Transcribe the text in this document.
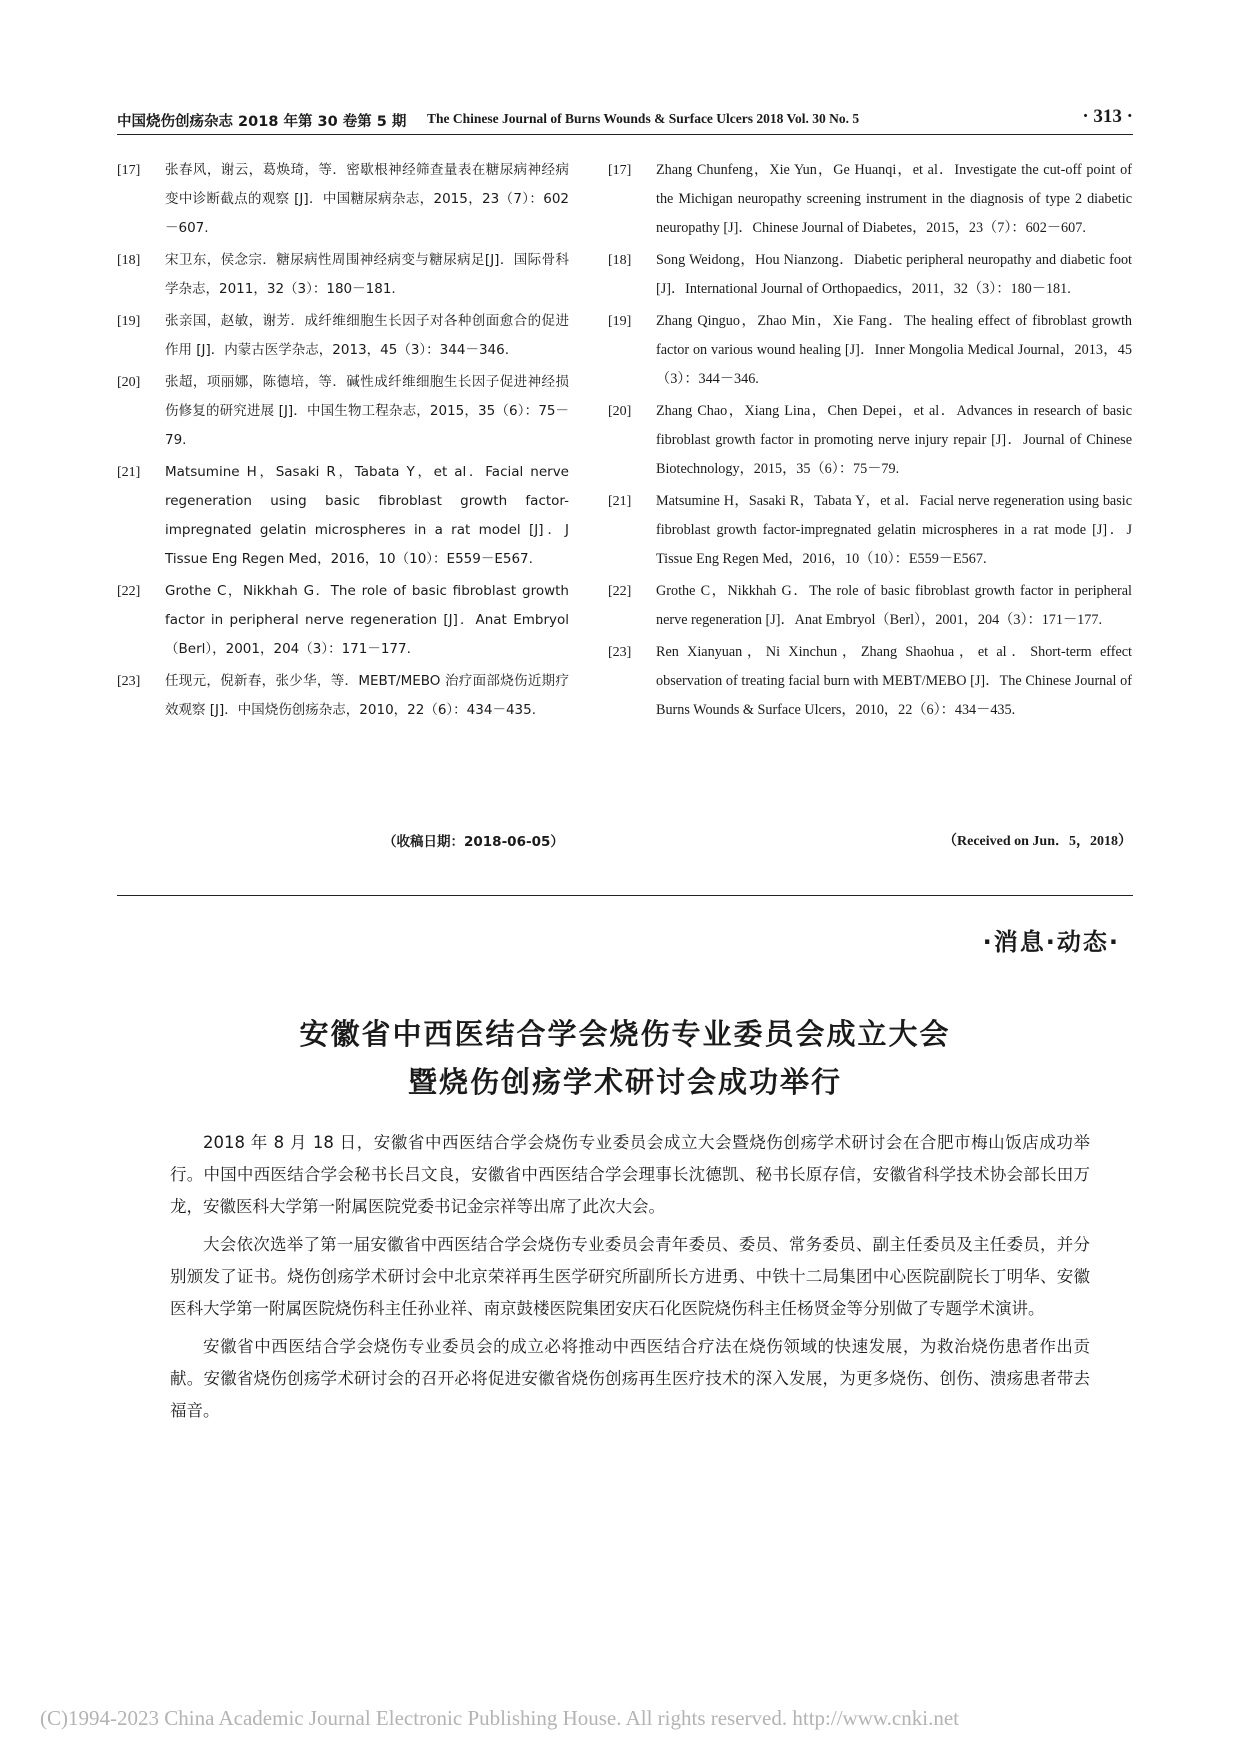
中国烧伤创疡杂志 2018 年第 30 卷第 5 期 The Chinese Journal of Burns Wounds & Surface Ulcers 2018 Vol. 30 No. 5	· 313 ·
[17]	张春风，谢云，葛焕琦，等．密歇根神经筛查量表在糖尿病神经病变中诊断截点的观察 [J]．中国糖尿病杂志，2015，23（7）：602－607.
[18]	宋卫东，侯念宗．糖尿病性周围神经病变与糖尿病足[J]．国际骨科学杂志，2011，32（3）：180－181.
[19]	张亲国，赵敏，谢芳．成纤维细胞生长因子对各种创面愈合的促进作用 [J]．内蒙古医学杂志，2013，45（3）：344－346.
[20]	张超，项丽娜，陈德培，等．碱性成纤维细胞生长因子促进神经损伤修复的研究进展 [J]．中国生物工程杂志，2015，35（6）：75－79.
[21]	Matsumine H，Sasaki R，Tabata Y，et al．Facial nerve regeneration using basic fibroblast growth factor-impregnated gelatin microspheres in a rat model [J]．J Tissue Eng Regen Med，2016，10（10）：E559－E567.
[22]	Grothe C，Nikkhah G．The role of basic fibroblast growth factor in peripheral nerve regeneration [J]．Anat Embryol（Berl），2001，204（3）：171－177.
[23]	任现元，倪新春，张少华，等．MEBT/MEBO 治疗面部烧伤近期疗效观察 [J]．中国烧伤创疡杂志，2010，22（6）：434－435.
[17]	Zhang Chunfeng，Xie Yun，Ge Huanqi，et al．Investigate the cut-off point of the Michigan neuropathy screening instrument in the diagnosis of type 2 diabetic neuropathy [J]．Chinese Journal of Diabetes，2015，23（7）：602－607.
[18]	Song Weidong，Hou Nianzong．Diabetic peripheral neuropathy and diabetic foot [J]．International Journal of Orthopaedics，2011，32（3）：180－181.
[19]	Zhang Qinguo，Zhao Min，Xie Fang．The healing effect of fibroblast growth factor on various wound healing [J]．Inner Mongolia Medical Journal，2013，45（3）：344－346.
[20]	Zhang Chao，Xiang Lina，Chen Depei，et al．Advances in research of basic fibroblast growth factor in promoting nerve injury repair [J]．Journal of Chinese Biotechnology，2015，35（6）：75－79.
[21]	Matsumine H，Sasaki R，Tabata Y，et al．Facial nerve regeneration using basic fibroblast growth factor-impregnated gelatin microspheres in a rat mode [J]．J Tissue Eng Regen Med，2016，10（10）：E559－E567.
[22]	Grothe C，Nikkhah G．The role of basic fibroblast growth factor in peripheral nerve regeneration [J]．Anat Embryol（Berl），2001，204（3）：171－177.
[23]	Ren Xianyuan，Ni Xinchun，Zhang Shaohua，et al．Short-term effect observation of treating facial burn with MEBT/MEBO [J]．The Chinese Journal of Burns Wounds & Surface Ulcers，2010，22（6）：434－435.
（收稿日期：2018-06-05）	（Received on Jun．5，2018）
·消息·动态·
安徽省中西医结合学会烧伤专业委员会成立大会
暨烧伤创疡学术研讨会成功举行

2018 年 8 月 18 日，安徽省中西医结合学会烧伤专业委员会成立大会暨烧伤创疡学术研讨会在合肥市梅山饭店成功举行。中国中西医结合学会秘书长吕文良，安徽省中西医结合学会理事长沈德凯、秘书长原存信，安徽省科学技术协会部长田万龙，安徽医科大学第一附属医院党委书记金宗祥等出席了此次大会。

大会依次选举了第一届安徽省中西医结合学会烧伤专业委员会青年委员、委员、常务委员、副主任委员及主任委员，并分别颁发了证书。烧伤创疡学术研讨会中北京荣祥再生医学研究所副所长方进勇、中铁十二局集团中心医院副院长丁明华、安徽医科大学第一附属医院烧伤科主任孙业祥、南京鼓楼医院集团安庆石化医院烧伤科主任杨贤金等分别做了专题学术演讲。

安徽省中西医结合学会烧伤专业委员会的成立必将推动中西医结合疗法在烧伤领域的快速发展，为救治烧伤患者作出贡献。安徽省烧伤创疡学术研讨会的召开必将促进安徽省烧伤创疡再生医疗技术的深入发展，为更多烧伤、创伤、溃疡患者带去福音。

(C)1994-2023 China Academic Journal Electronic Publishing House. All rights reserved. http://www.cnki.net
